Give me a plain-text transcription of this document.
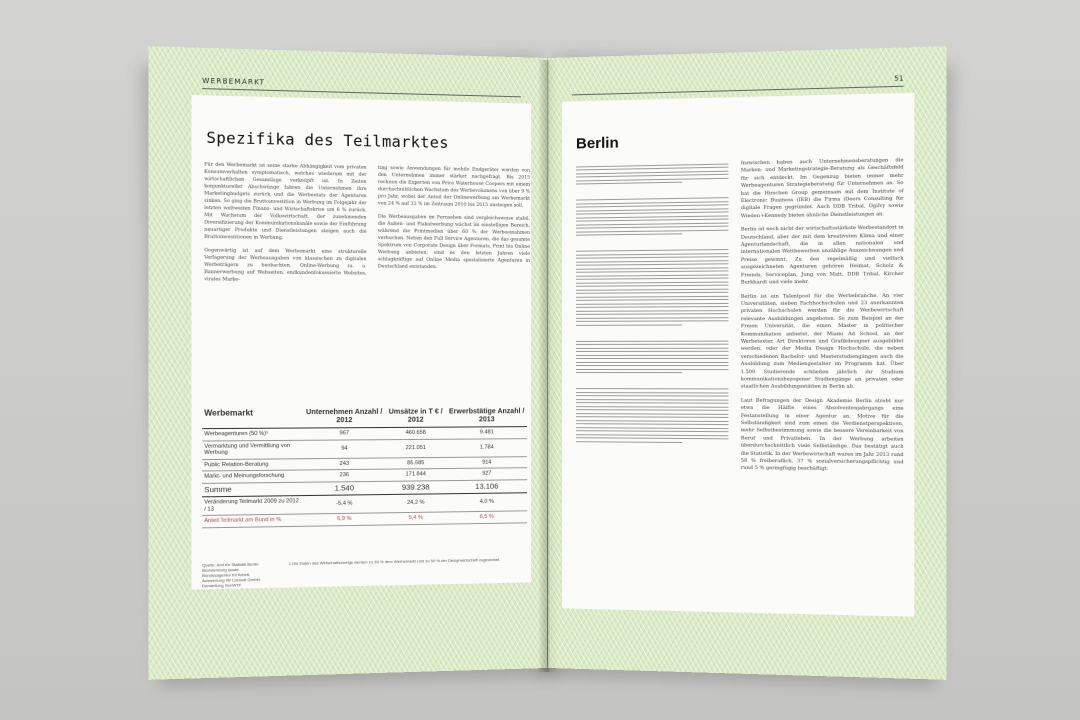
WERBEMARKT
Spezifika des Teilmarktes

Für den Werbemarkt ist seine starke Abhängigkeit vom privaten Konsumverhalten symptomatisch, welches wiederum mit der wirtschaftlichen Gesamtlage verknüpft ist. In Zeiten konjunktureller Abschwünge fahren die Unternehmen ihre Marketingbudgets zurück und die Werbeetats der Agenturen sinken. So ging die Bruttoinvestition in Werbung im Folgejahr der letzten weltweiten Finanz- und Wirtschaftskrise um 6 % zurück. Mit Wachstum der Volkswirtschaft, der zunehmenden Diversifizierung der Kommunikationskanäle sowie der Einführung neuartiger Produkte und Dienstleistungen steigen auch die Bruttoinvestitionen in Werbung.

Gegenwärtig ist auf dem Werbemarkt eine strukturelle Verlagerung der Werbeausgaben von klassischen zu digitalen Werbeträgern zu beobachten. Online-Werbung (u. a. Bannerwerbung auf Webseiten, endkundenfokussierte Websites, virales Marke-

ting sowie Anwendungen für mobile Endgeräte) werden von den Unternehmen immer stärker nachgefragt. Bis 2015 rechnen die Experten von Price Waterhouse Coopers mit einem durchschnittlichen Wachstum des Werbevolumens von über 9 % pro Jahr, wobei der Anteil der Onlinewerbung am Werbemarkt von 24 % auf 33 % im Zeitraum 2010 bis 2015 ansteigen soll.

Die Werbeausgaben im Fernsehen sind vergleichsweise stabil, die Außen- und Plakatwerbung wächst im einstelligen Bereich, während die Printmedien über 60 % der Werbeeinahmen verbuchen. Neben den Full Service Agenturen, die das gesamte Spektrum von Corporate Design über Formats, Print bis Online Werbung anbieten, sind es den letzten Jahren viele schlagkräftige auf Online Media spezialisierte Agenturen in Deutschland entstanden.

Werbemarkt	Unternehmen Anzahl / 2012	Umsätze in T € / 2012	Erwerbstätige Anzahl / 2013
Werbeagenturen (50 %)¹	967	460.658	9.481
Vermarktung und Vermittlung von Werbung	94	221.051	1.784
Public Relation-Beratung	243	85.685	914
Markt- und Meinungsforschung	236	171.844	927
Summe	1.540	939.238	13.106
Veränderung Teilmarkt 2009 zu 2012 / 13	-5,4 %	24,2 %	4,0 %
Anteil Teilmarkt am Bund in %	6,9 %	5,4 %	6,5 %
Quelle: Amt für Statistik Berlin-Brandenburg sowie Bundesagentur für Arbeit, Auswertung IW Consult GmbH, Darstellung SenWTF
1 Die Daten des Wirtschaftszweigs werden zu 50 % dem Werbemarkt und zu 50 % der Designwirtschaft zugeordnet.
51

Berlin

Inzwischen haben auch Unternehmensberatungen die Marken- und Marketingstrategie-Beratung als Geschäftsfeld für sich entdeckt. Im Gegenzug bieten immer mehr Werbeagenturen Strategieberatung für Unternehmen an. So hat die Hirschen Group gemeinsam mit dem Institute of Electronic Business (IEB) die Firma iDeers Consulting für digitale Fragen gegründet. Auch DDB Tribal, Ogilvy sowie Wieden+Kennedy bieten ähnliche Dienstleistungen an.

Berlin ist noch nicht der wirtschaftsstärkste Werbestandort in Deutschland, aber der mit dem kreativsten Klima und einer Agenturlandschaft, die in allen nationalen und internationalen Wettbewerben unzählige Auszeichnungen und Preise gewinnt. Zu den regelmäßig und vielfach ausgezeichneten Agenturen gehören Heimat, Scholz & Friends, Serviceplan, Jung von Matt, DDB Tribal, Kircher Burkhardt und viele mehr.

Berlin ist ein Talentpool für die Werbebranche. An vier Universitäten, sieben Fachhochschulen und 23 anerkannten privaten Hochschulen werden für die Werbewirtschaft relevante Ausbildungen angeboten. So zum Beispiel an der Freien Universität, die einen Master in politischer Kommunikation anbietet, der Miami Ad School, an der Werbetexter, Art Direktoren und Grafikdesigner ausgebildet werden, oder der Media Design Hochschule, die neben verschiedenen Bachelor- und Masterstudiengängen auch die Ausbildung zum Mediengestalter im Programm hat. Über 1.500 Studierende schließen jährlich ihr Studium kommunikationsbezogener Studiengänge an privaten oder staatlichen Ausbildungsstätten in Berlin ab.

Laut Befragungen der Design Akademie Berlin strebt nur etwa die Hälfte eines Absolventenjahrgangs eine Festanstellung in einer Agentur an. Motive für die Selbständigkeit sind zum einen die Verdienstperspektiven, mehr Selbstbestimmung sowie die bessere Vereinbarkeit von Beruf und Privatleben. In der Werbung arbeiten überdurchschnittlich viele Selbständige. Das bestätigt auch die Statistik. In der Werbewirtschaft waren im Jahr 2013 rund 58 % freiberuflich, 37 % sozialversicherungspflichtig und rund 5 % geringfügig beschäftigt.
